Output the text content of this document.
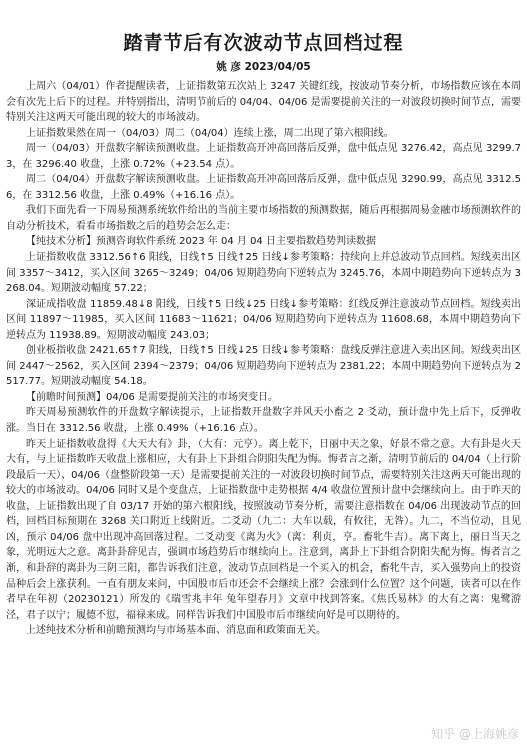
踏青节后有次波动节点回档过程
姚 彦 2023/04/05

上周六（04/01）作者提醒读者，上证指数第五次站上 3247 关键红线，按波动节奏分析，市场指数应该在本周会有次先上后下的过程。并特别指出，清明节前后的 04/04、04/06 是需要提前关注的一对波段切换时间节点，需要特别关注这两天可能出现的较大的市场波动。

上证指数果然在周一（04/03）周二（04/04）连续上涨，周二出现了第六根阳线。

周一（04/03）开盘数字解读预测收盘。上证指数高开冲高回落后反弹，盘中低点见 3276.42，高点见 3299.73，在 3296.40 收盘，上涨 0.72%（+23.54 点）。

周二（04/04）开盘数字解读预测收盘。上证指数高开冲高回落后反弹，盘中低点见 3290.99，高点见 3312.56，在 3312.56 收盘，上涨 0.49%（+16.16 点）。

我们下面先看一下周易预测系统软件给出的当前主要市场指数的预测数据，随后再根据周易金融市场预测软件的自动分析技术，看看市场指数之后的趋势会怎么走：

【纯技术分析】预测咨询软件系统 2023 年 04 月 04 日主要指数趋势判读数据

上证指数收盘 3312.56↑6 阳线，日线↑5 日线↑25 日线↓参考策略：持续向上并总波动节点回档。短线卖出区间 3357～3412，买入区间 3265～3249；04/06 短期趋势向下逆转点为 3245.76，本周中期趋势向下逆转点为 3268.04。短期波动幅度 57.22；

深证成指收盘 11859.48↓8 阳线，日线↑5 日线↓25 日线↓参考策略：红线反弹注意波动节点回档。短线卖出区间 11897～11985，买入区间 11683～11621；04/06 短期趋势向下逆转点为 11608.68，本周中期趋势向下逆转点为 11938.89。短期波动幅度 243.03；

创业板指收盘 2421.65↑7 阳线，日线↑5 日线↓25 日线↓参考策略：盘线反弹注意进入卖出区间。短线卖出区间 2447～2562，买入区间 2394～2379；04/06 短期趋势向下逆转点为 2381.22；本周中期趋势向下逆转点为 2517.77。短期波动幅度 54.18。

【前瞻时间预测】04/06 是需要提前关注的市场突变日。

昨天周易预测软件的开盘数字解读提示，上证指数开盘数字并风天小畜之 2 爻动，预计盘中先上后下，反弹收涨。当日在 3312.56 收盘，上涨 0.49%（+16.16 点）。

昨天上证指数收盘得《大天大有》卦，（大有：元亨）。离上乾下，日丽中天之象，好景不常之意。大有卦是火天大有，与上证指数昨天收盘上涨相应，大有卦上下卦组合阴阳失配为悔。悔者言之渐，清明节前后的 04/04（上行阶段最后一天）、04/06（盘整阶段第一天）是需要提前关注的一对波段切换时间节点，需要特别关注这两天可能出现的较大的市场波动。04/06 同时又是个变盘点，上证指数盘中走势根据 4/4 收盘位置预计盘中会继续向上。由于昨天的收盘，上证指数出现了自 03/17 开始的第六根阳线，按照波动节奏分析，需要注意指数在 04/06 出现波动节点的回档，回档目标预期在 3268 关口附近上线附近。二爻动（九二：大车以载，有攸往，无咎）。九二，不当位动，且见凶，预示 04/06 盘中出现冲高回落过程。二爻动变《离为火》（离：利贞，亨。畜牝牛吉）。离下离上，丽日当天之象，光明远大之意。离卦卦辞见吉，强调市场趋势后市继续向上。注意到，离卦上下卦组合阴阳失配为悔。悔者言之渐，和卦辞的离卦为三阴三阳，都告诉我们注意，波动节点回档是一个买入的机会，畜牝牛吉，买入强势向上的投资品种后会上涨获利。一直有朋友来问，中国股市后市还会不会继续上涨？会涨到什么位置？这个问题，读者可以在作者早在年初（20230121）所发的《瑞雪兆丰年 兔年望春月》文章中找到答案。《焦氏易林》的大有之离：鬼鹭游泾，君子以宁；履德不愆，福禄来成。同样告诉我们中国股市后市继续向好是可以期待的。

上述纯技术分析和前瞻预测均与市场基本面、消息面和政策面无关。

知乎 @上海姚彦
